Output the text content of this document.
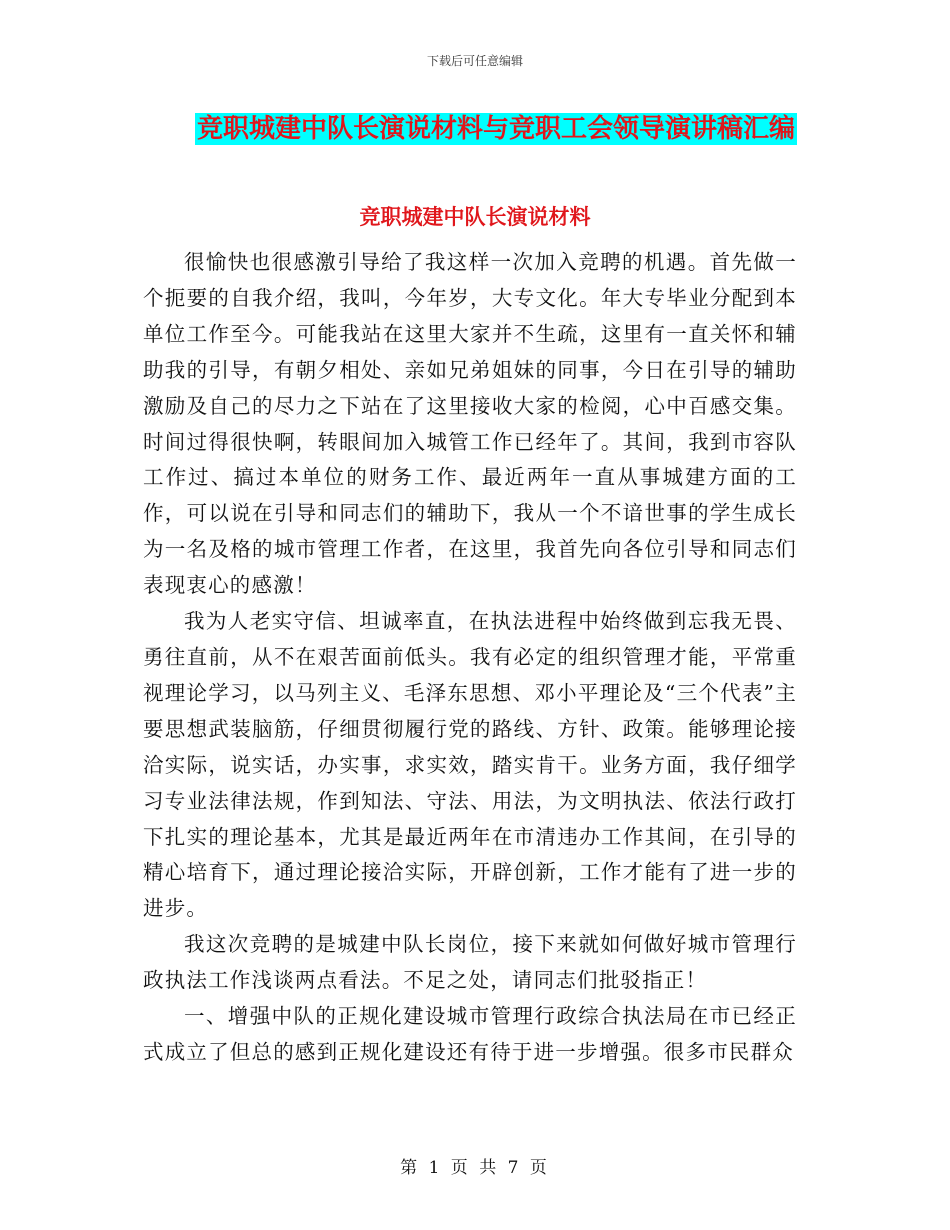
下载后可任意编辑
竞职城建中队长演说材料与竞职工会领导演讲稿汇编
竞职城建中队长演说材料

很愉快也很感激引导给了我这样一次加入竞聘的机遇。首先做一个扼要的自我介绍，我叫，今年岁，大专文化。年大专毕业分配到本单位工作至今。可能我站在这里大家并不生疏，这里有一直关怀和辅助我的引导，有朝夕相处、亲如兄弟姐妹的同事，今日在引导的辅助激励及自己的尽力之下站在了这里接收大家的检阅，心中百感交集。时间过得很快啊，转眼间加入城管工作已经年了。其间，我到市容队工作过、搞过本单位的财务工作、最近两年一直从事城建方面的工作，可以说在引导和同志们的辅助下，我从一个不谙世事的学生成长为一名及格的城市管理工作者，在这里，我首先向各位引导和同志们表现衷心的感激！

我为人老实守信、坦诚率直，在执法进程中始终做到忘我无畏、勇往直前，从不在艰苦面前低头。我有必定的组织管理才能，平常重视理论学习，以马列主义、毛泽东思想、邓小平理论及“三个代表”主要思想武装脑筋，仔细贯彻履行党的路线、方针、政策。能够理论接洽实际，说实话，办实事，求实效，踏实肯干。业务方面，我仔细学习专业法律法规，作到知法、守法、用法，为文明执法、依法行政打下扎实的理论基本，尤其是最近两年在市清违办工作其间，在引导的精心培育下，通过理论接洽实际，开辟创新，工作才能有了进一步的进步。

我这次竞聘的是城建中队长岗位，接下来就如何做好城市管理行政执法工作浅谈两点看法。不足之处，请同志们批驳指正！

一、增强中队的正规化建设城市管理行政综合执法局在市已经正式成立了但总的感到正规化建设还有待于进一步增强。很多市民群众

第 1 页 共 7 页
